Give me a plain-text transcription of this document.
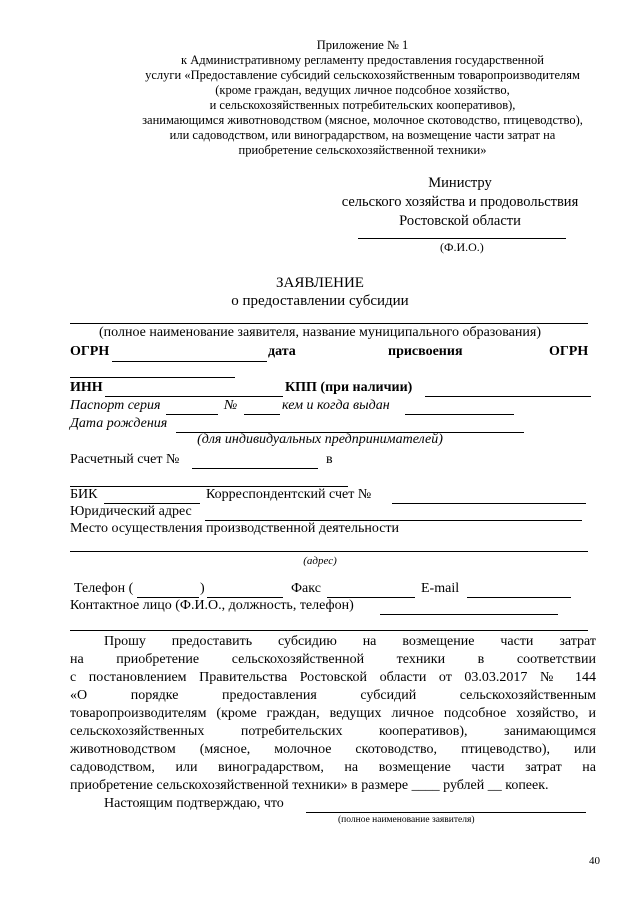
Приложение № 1
к Административному регламенту предоставления государственной
услуги «Предоставление субсидий сельскохозяйственным товаропроизводителям
(кроме граждан, ведущих личное подсобное хозяйство,
и сельскохозяйственных потребительских кооперативов),
занимающимся животноводством (мясное, молочное скотоводство, птицеводство),
или садоводством, или виноградарством, на возмещение части затрат на
приобретение сельскохозяйственной техники»
Министру
сельского хозяйства и продовольствия
Ростовской области
(Ф.И.О.)
ЗАЯВЛЕНИЕ
о предоставлении субсидии
(полное наименование заявителя, название муниципального образования)
ОГРН	дата	присвоения	ОГРН
ИНН	КПП (при наличии)
Паспорт серия	№	кем и когда выдан
Дата рождения
(для индивидуальных предпринимателей)
Расчетный счет №	в
БИК	Корреспондентский счет №
Юридический адрес
Место осуществления производственной деятельности
(адрес)
Телефон (	)	Факс	E-mail
Контактное лицо (Ф.И.О., должность, телефон)
Прошу предоставить субсидию на возмещение части затрат
на приобретение сельскохозяйственной техники в соответствии
с постановлением Правительства Ростовской области от 03.03.2017 № 144
«О	порядке	предоставления	субсидий	сельскохозяйственным
товаропроизводителям (кроме граждан, ведущих личное подсобное хозяйство, и
сельскохозяйственных потребительских кооперативов), занимающимся
животноводством (мясное, молочное скотоводство, птицеводство), или
садоводством, или виноградарством, на возмещение части затрат на
приобретение сельскохозяйственной техники» в размере ____ рублей __ копеек.
Настоящим подтверждаю, что
(полное наименование заявителя)
40
